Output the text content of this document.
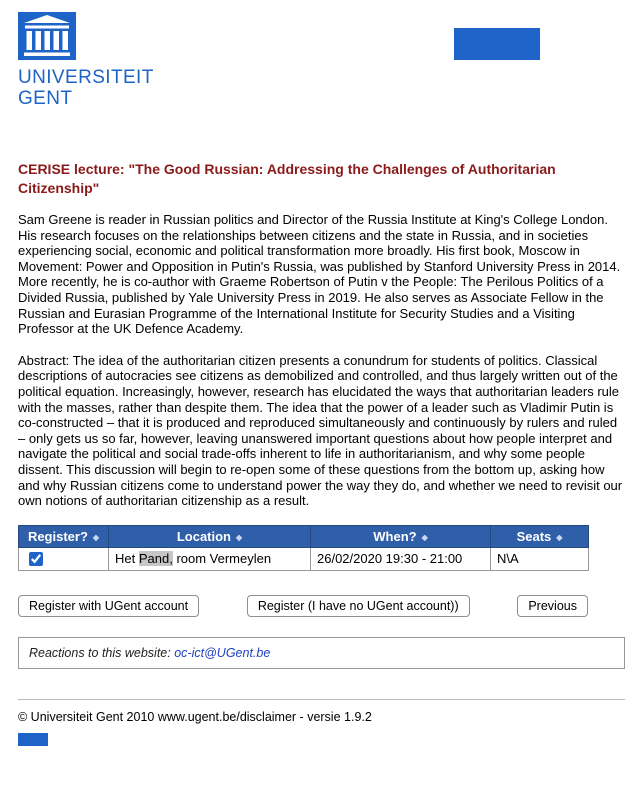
UNIVERSITEIT
GENT
CERISE lecture: "The Good Russian: Addressing the Challenges of Authoritarian Citizenship"

Sam Greene is reader in Russian politics and Director of the Russia Institute at King's College London. His research focuses on the relationships between citizens and the state in Russia, and in societies experiencing social, economic and political transformation more broadly. His first book, Moscow in Movement: Power and Opposition in Putin's Russia, was published by Stanford University Press in 2014. More recently, he is co-author with Graeme Robertson of Putin v the People: The Perilous Politics of a Divided Russia, published by Yale University Press in 2019. He also serves as Associate Fellow in the Russian and Eurasian Programme of the International Institute for Security Studies and a Visiting Professor at the UK Defence Academy.

Abstract: The idea of the authoritarian citizen presents a conundrum for students of politics. Classical descriptions of autocracies see citizens as demobilized and controlled, and thus largely written out of the political equation. Increasingly, however, research has elucidated the ways that authoritarian leaders rule with the masses, rather than despite them. The idea that the power of a leader such as Vladimir Putin is co-constructed – that it is produced and reproduced simultaneously and continuously by rulers and ruled – only gets us so far, however, leaving unanswered important questions about how people interpret and navigate the political and social trade-offs inherent to life in authoritarianism, and why some people dissent. This discussion will begin to re-open some of these questions from the bottom up, asking how and why Russian citizens come to understand power the way they do, and whether we need to revisit our own notions of authoritarian citizenship as a result.

Register? ◆	Location ◆	When? ◆	Seats ◆
	Het Pand, room Vermeylen	26/02/2020 19:30 - 21:00	N\A
Register with UGent account	Register (I have no UGent account))	Previous
Reactions to this website: oc-ict@UGent.be
© Universiteit Gent 2010 www.ugent.be/disclaimer - versie 1.9.2
